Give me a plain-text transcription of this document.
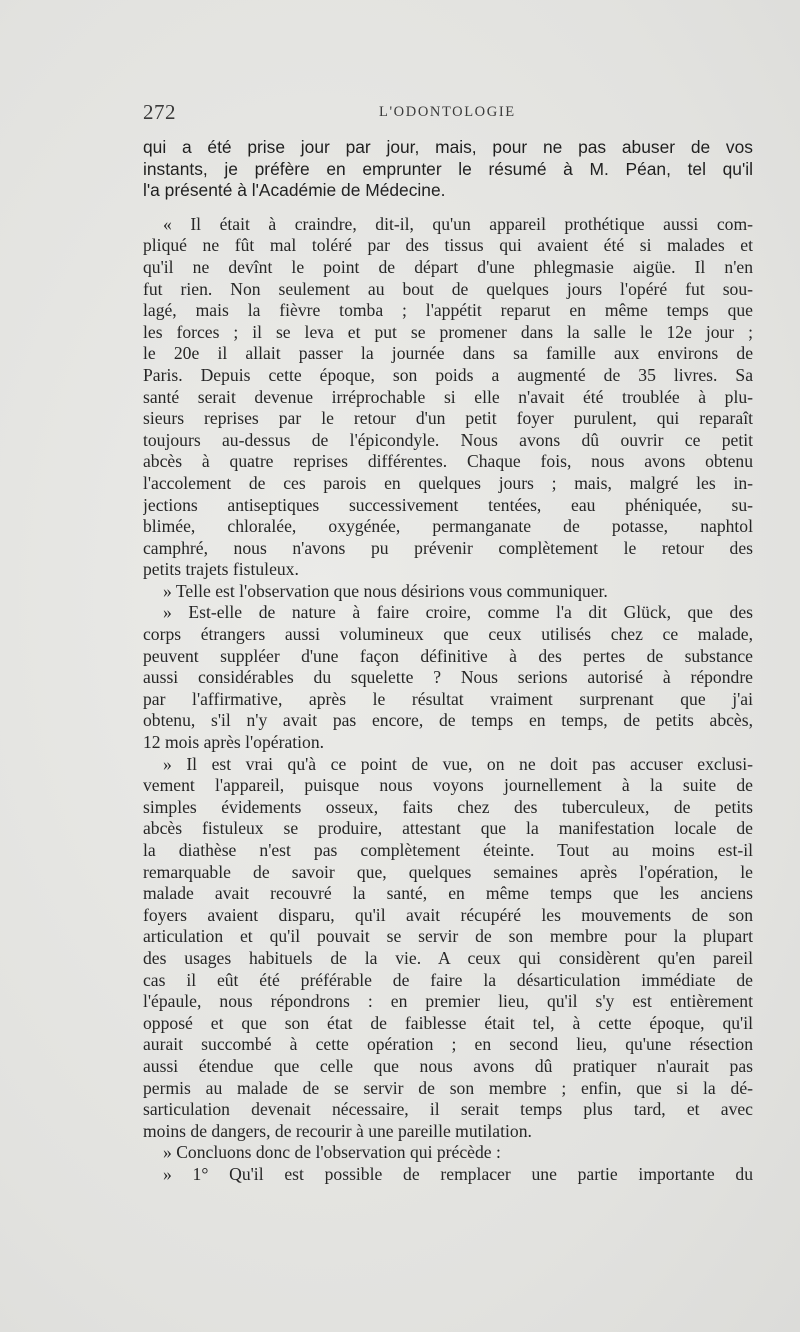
272	L'ODONTOLOGIE
qui a été prise jour par jour, mais, pour ne pas abuser de vos
instants, je préfère en emprunter le résumé à M. Péan, tel qu'il
l'a présenté à l'Académie de Médecine.
« Il était à craindre, dit-il, qu'un appareil prothétique aussi com-
pliqué ne fût mal toléré par des tissus qui avaient été si malades et
qu'il ne devînt le point de départ d'une phlegmasie aigüe. Il n'en
fut rien. Non seulement au bout de quelques jours l'opéré fut sou-
lagé, mais la fièvre tomba ; l'appétit reparut en même temps que
les forces ; il se leva et put se promener dans la salle le 12e jour ;
le 20e il allait passer la journée dans sa famille aux environs de
Paris. Depuis cette époque, son poids a augmenté de 35 livres. Sa
santé serait devenue irréprochable si elle n'avait été troublée à plu-
sieurs reprises par le retour d'un petit foyer purulent, qui reparaît
toujours au-dessus de l'épicondyle. Nous avons dû ouvrir ce petit
abcès à quatre reprises différentes. Chaque fois, nous avons obtenu
l'accolement de ces parois en quelques jours ; mais, malgré les in-
jections antiseptiques successivement tentées, eau phéniquée, su-
blimée, chloralée, oxygénée, permanganate de potasse, naphtol
camphré, nous n'avons pu prévenir complètement le retour des
petits trajets fistuleux.
» Telle est l'observation que nous désirions vous communiquer.
» Est-elle de nature à faire croire, comme l'a dit Glück, que des
corps étrangers aussi volumineux que ceux utilisés chez ce malade,
peuvent suppléer d'une façon définitive à des pertes de substance
aussi considérables du squelette ? Nous serions autorisé à répondre
par l'affirmative, après le résultat vraiment surprenant que j'ai
obtenu, s'il n'y avait pas encore, de temps en temps, de petits abcès,
12 mois après l'opération.
» Il est vrai qu'à ce point de vue, on ne doit pas accuser exclusi-
vement l'appareil, puisque nous voyons journellement à la suite de
simples évidements osseux, faits chez des tuberculeux, de petits
abcès fistuleux se produire, attestant que la manifestation locale de
la diathèse n'est pas complètement éteinte. Tout au moins est-il
remarquable de savoir que, quelques semaines après l'opération, le
malade avait recouvré la santé, en même temps que les anciens
foyers avaient disparu, qu'il avait récupéré les mouvements de son
articulation et qu'il pouvait se servir de son membre pour la plupart
des usages habituels de la vie. A ceux qui considèrent qu'en pareil
cas il eût été préférable de faire la désarticulation immédiate de
l'épaule, nous répondrons : en premier lieu, qu'il s'y est entièrement
opposé et que son état de faiblesse était tel, à cette époque, qu'il
aurait succombé à cette opération ; en second lieu, qu'une résection
aussi étendue que celle que nous avons dû pratiquer n'aurait pas
permis au malade de se servir de son membre ; enfin, que si la dé-
sarticulation devenait nécessaire, il serait temps plus tard, et avec
moins de dangers, de recourir à une pareille mutilation.
» Concluons donc de l'observation qui précède :
» 1° Qu'il est possible de remplacer une partie importante du
